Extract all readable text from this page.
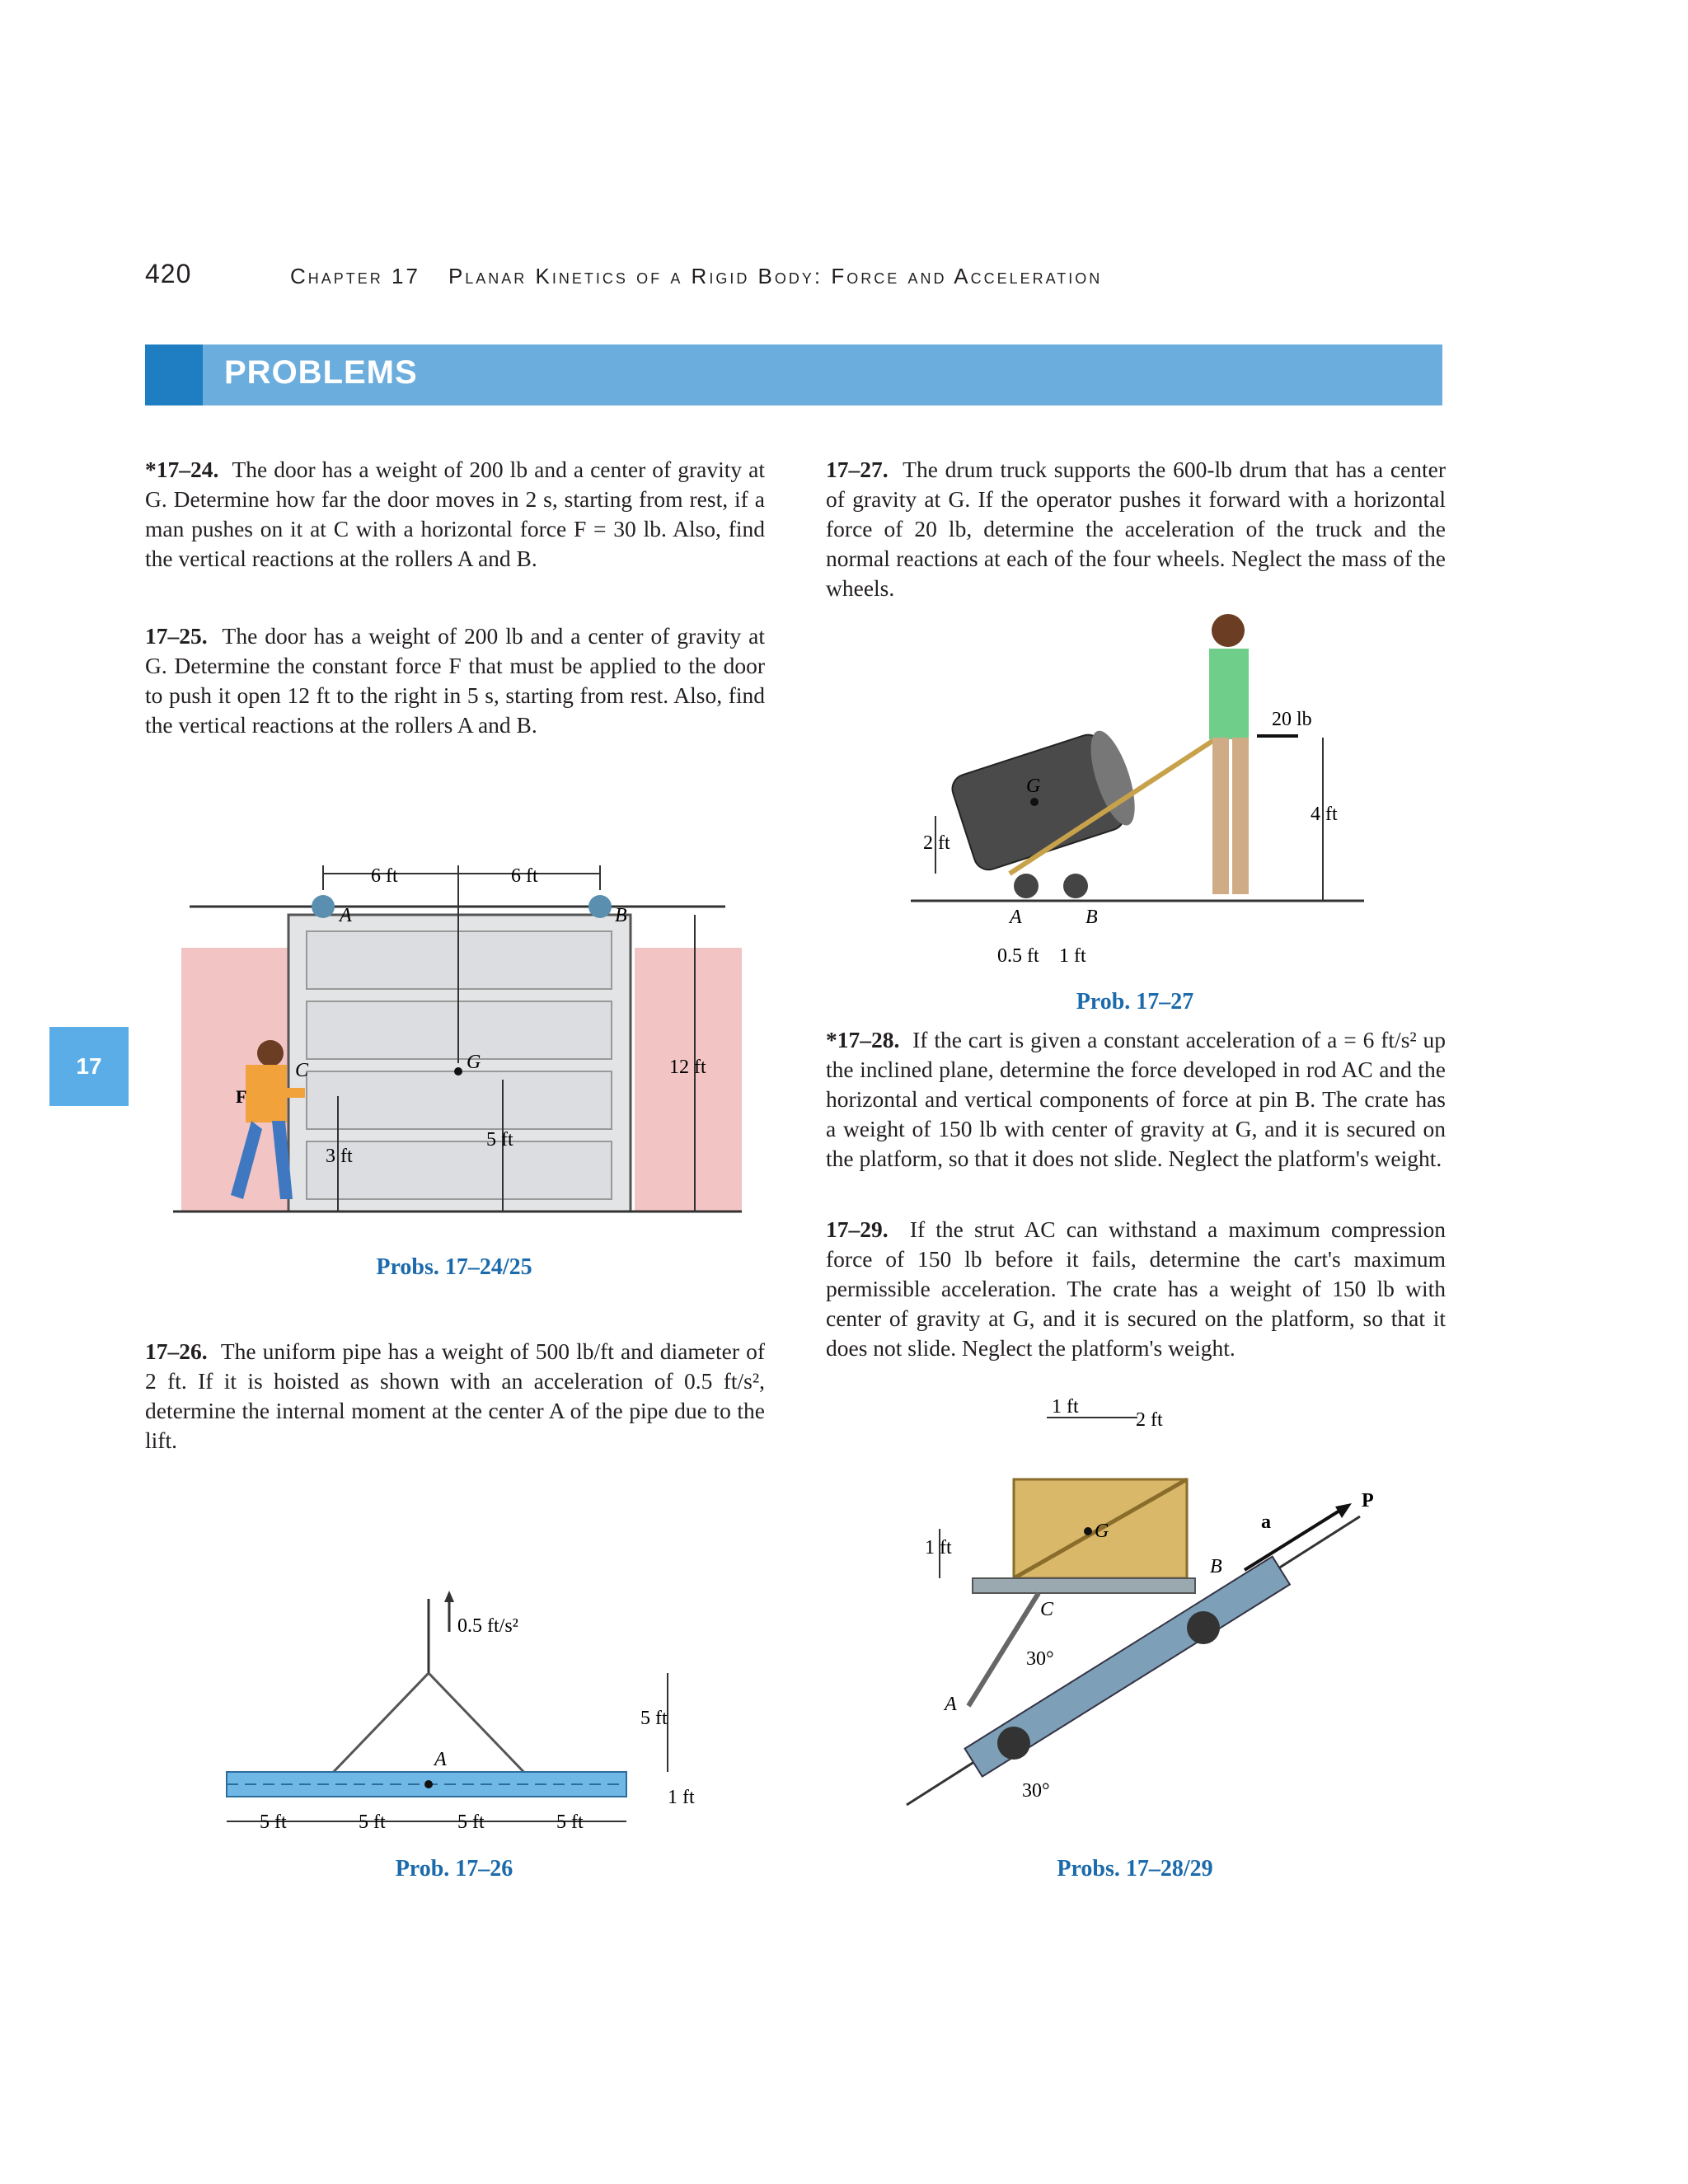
420	Chapter 17 Planar Kinetics of a Rigid Body: Force and Acceleration
PROBLEMS
17
*17–24. The door has a weight of 200 lb and a center of gravity at G. Determine how far the door moves in 2 s, starting from rest, if a man pushes on it at C with a horizontal force F = 30 lb. Also, find the vertical reactions at the rollers A and B.
17–25. The door has a weight of 200 lb and a center of gravity at G. Determine the constant force F that must be applied to the door to push it open 12 ft to the right in 5 s, starting from rest. Also, find the vertical reactions at the rollers A and B.
17–26. The uniform pipe has a weight of 500 lb/ft and diameter of 2 ft. If it is hoisted as shown with an acceleration of 0.5 ft/s², determine the internal moment at the center A of the pipe due to the lift.
17–27. The drum truck supports the 600-lb drum that has a center of gravity at G. If the operator pushes it forward with a horizontal force of 20 lb, determine the acceleration of the truck and the normal reactions at each of the four wheels. Neglect the mass of the wheels.
*17–28. If the cart is given a constant acceleration of a = 6 ft/s² up the inclined plane, determine the force developed in rod AC and the horizontal and vertical components of force at pin B. The crate has a weight of 150 lb with center of gravity at G, and it is secured on the platform, so that it does not slide. Neglect the platform's weight.
17–29. If the strut AC can withstand a maximum compression force of 150 lb before it fails, determine the cart's maximum permissible acceleration. The crate has a weight of 150 lb with center of gravity at G, and it is secured on the platform, so that it does not slide. Neglect the platform's weight.
6 ft	6 ft
A	B
G
C	12 ft
3 ft
5 ft
F
Probs. 17–24/25
0.5 ft/s²
A
5 ft
1 ft
5 ft	5 ft	5 ft	5 ft
Prob. 17–26
G
20 lb
4 ft
2 ft
A	B
0.5 ft 1 ft
Prob. 17–27
G
C
A
30°
30°
B
P
a
1 ft
2 ft
1 ft
Probs. 17–28/29
